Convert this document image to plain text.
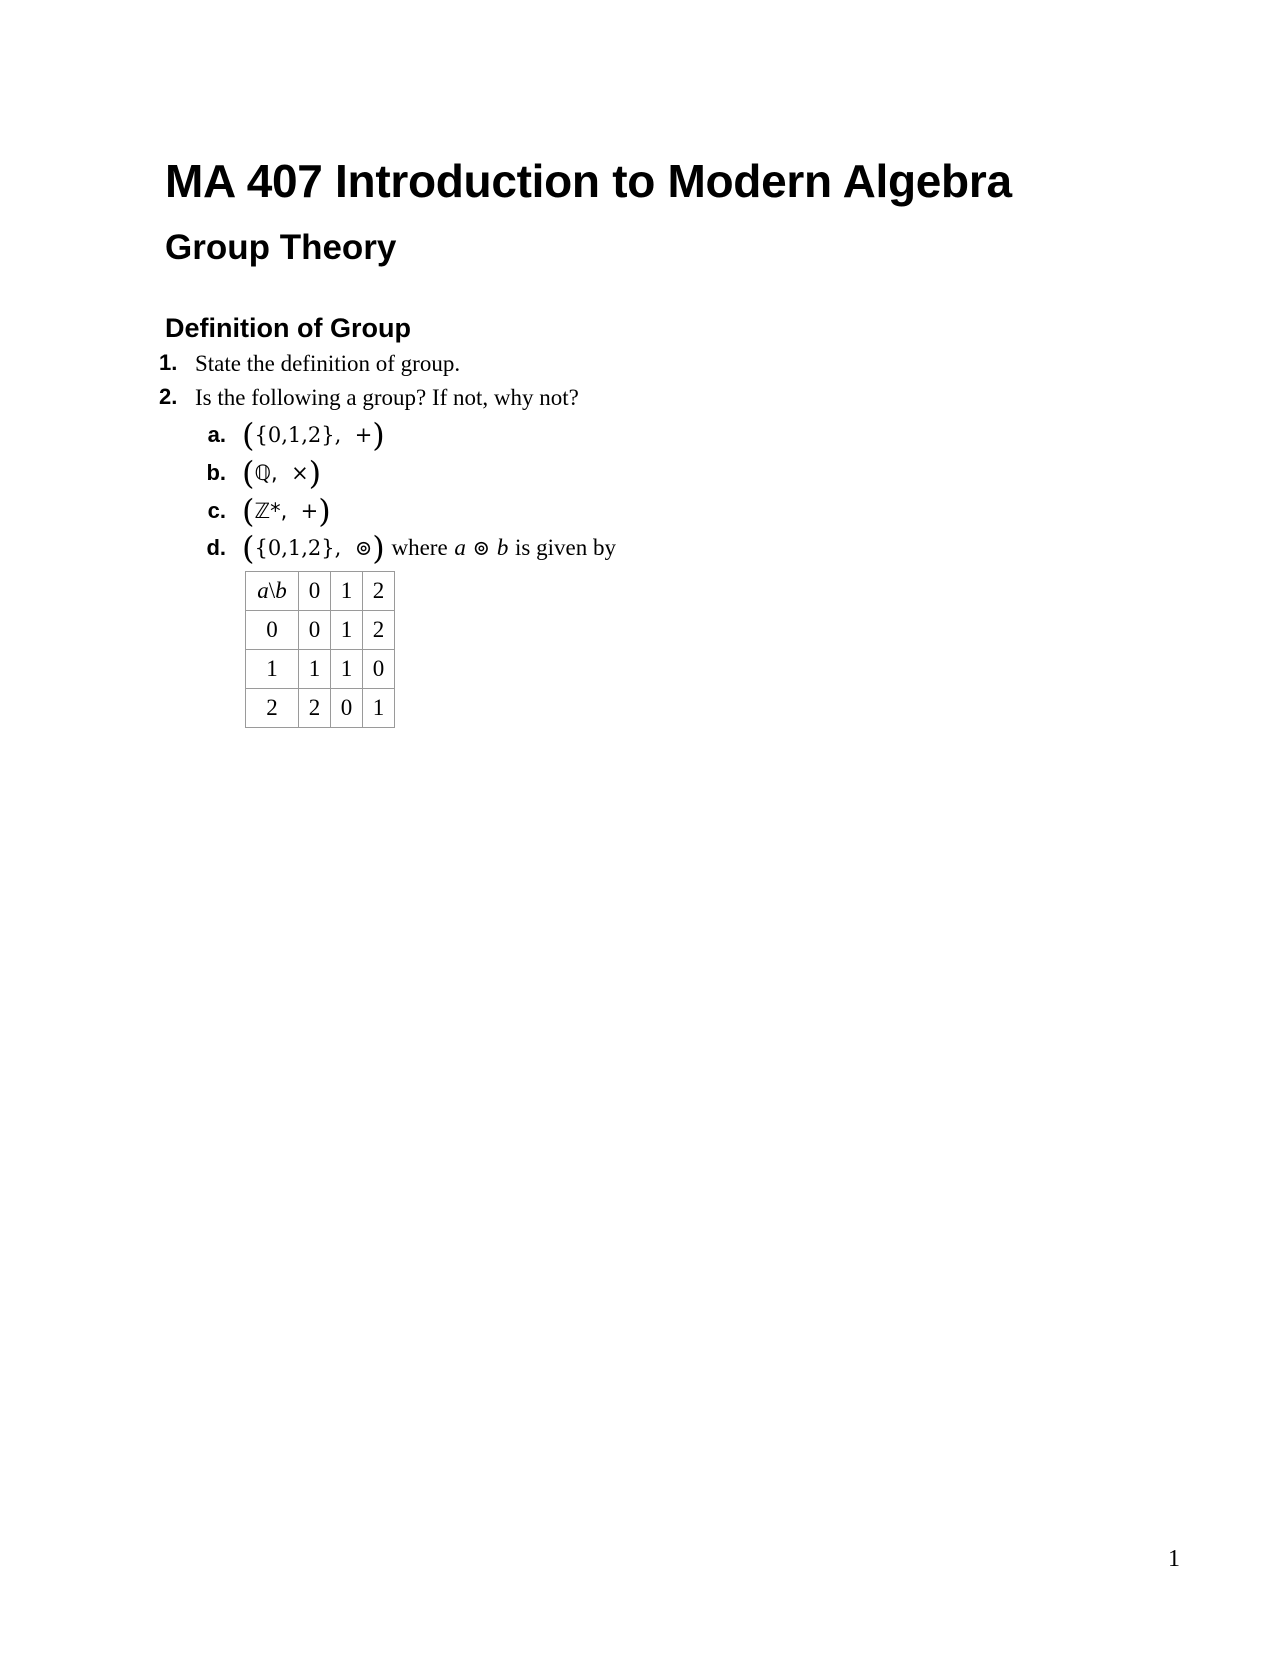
MA 407 Introduction to Modern Algebra
Group Theory
Definition of Group
1. State the definition of group.
2. Is the following a group? If not, why not?
a. ({0,1,2}, +)
b. (ℚ, ×)
c. (ℤ*, +)
d. ({0,1,2}, ⊚) where a ⊚ b is given by
a\b	0	1	2
0	0	1	2
1	1	1	0
2	2	0	1
1
